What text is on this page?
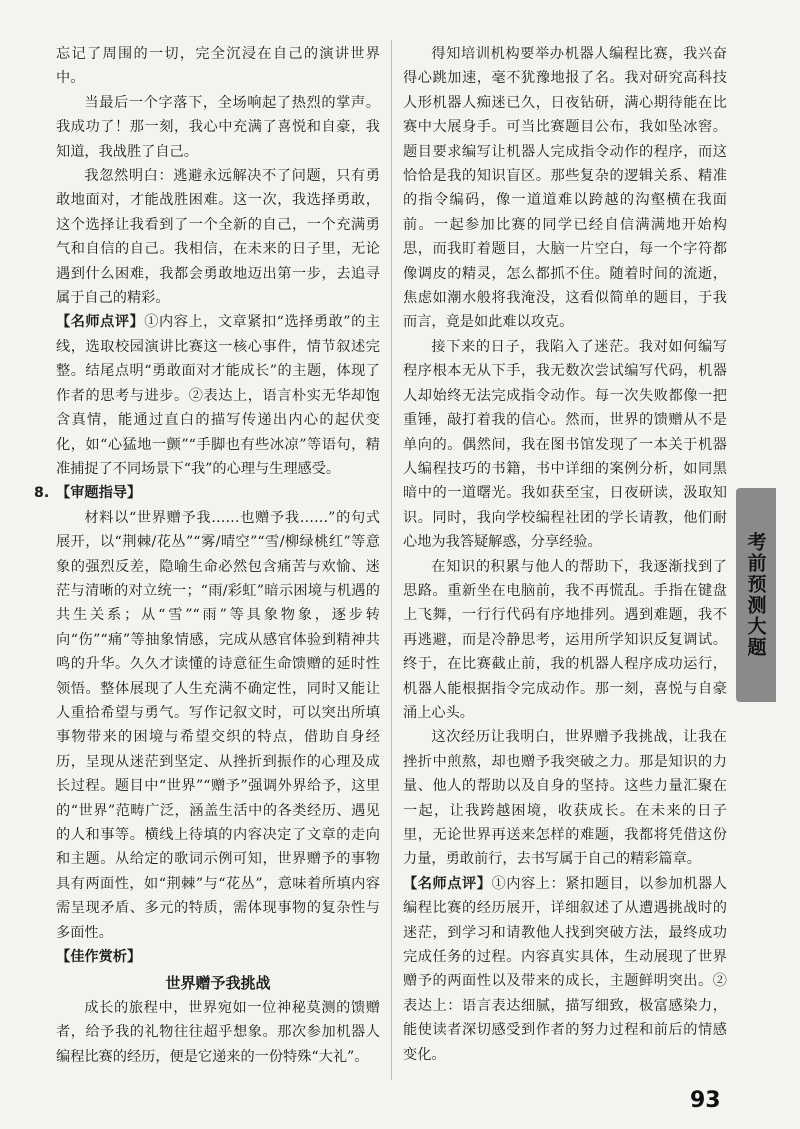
忘记了周围的一切，完全沉浸在自己的演讲世界中。

当最后一个字落下，全场响起了热烈的掌声。我成功了！那一刻，我心中充满了喜悦和自豪，我知道，我战胜了自己。

我忽然明白：逃避永远解决不了问题，只有勇敢地面对，才能战胜困难。这一次，我选择勇敢，这个选择让我看到了一个全新的自己，一个充满勇气和自信的自己。我相信，在未来的日子里，无论遇到什么困难，我都会勇敢地迈出第一步，去追寻属于自己的精彩。

【名师点评】①内容上，文章紧扣“选择勇敢”的主线，选取校园演讲比赛这一核心事件，情节叙述完整。结尾点明“勇敢面对才能成长”的主题，体现了作者的思考与进步。②表达上，语言朴实无华却饱含真情，能通过直白的描写传递出内心的起伏变化，如“心猛地一颤”“手脚也有些冰凉”等语句，精准捕捉了不同场景下“我”的心理与生理感受。

8. 【审题指导】

材料以“世界赠予我……也赠予我……”的句式展开，以“荆棘/花丛”“雾/晴空”“雪/柳绿桃红”等意象的强烈反差，隐喻生命必然包含痛苦与欢愉、迷茫与清晰的对立统一；“雨/彩虹”暗示困境与机遇的共生关系；从“雪”“雨”等具象物象，逐步转向“伤”“痛”等抽象情感，完成从感官体验到精神共鸣的升华。久久才读懂的诗意征生命馈赠的延时性领悟。整体展现了人生充满不确定性，同时又能让人重拾希望与勇气。写作记叙文时，可以突出所填事物带来的困境与希望交织的特点，借助自身经历，呈现从迷茫到坚定、从挫折到振作的心理及成长过程。题目中“世界”“赠予”强调外界给予，这里的“世界”范畴广泛，涵盖生活中的各类经历、遇见的人和事等。横线上待填的内容决定了文章的走向和主题。从给定的歌词示例可知，世界赠予的事物具有两面性，如“荆棘”与“花丛”，意味着所填内容需呈现矛盾、多元的特质，需体现事物的复杂性与多面性。

【佳作赏析】

世界赠予我挑战

成长的旅程中，世界宛如一位神秘莫测的馈赠者，给予我的礼物往往超乎想象。那次参加机器人编程比赛的经历，便是它递来的一份特殊“大礼”。

得知培训机构要举办机器人编程比赛，我兴奋得心跳加速，毫不犹豫地报了名。我对研究高科技人形机器人痴迷已久，日夜钻研，满心期待能在比赛中大展身手。可当比赛题目公布，我如坠冰窖。题目要求编写让机器人完成指令动作的程序，而这恰恰是我的知识盲区。那些复杂的逻辑关系、精准的指令编码，像一道道难以跨越的沟壑横在我面前。一起参加比赛的同学已经自信满满地开始构思，而我盯着题目，大脑一片空白，每一个字符都像调皮的精灵，怎么都抓不住。随着时间的流逝，焦虑如潮水般将我淹没，这看似简单的题目，于我而言，竟是如此难以攻克。

接下来的日子，我陷入了迷茫。我对如何编写程序根本无从下手，我无数次尝试编写代码，机器人却始终无法完成指令动作。每一次失败都像一把重锤，敲打着我的信心。然而，世界的馈赠从不是单向的。偶然间，我在图书馆发现了一本关于机器人编程技巧的书籍，书中详细的案例分析，如同黑暗中的一道曙光。我如获至宝，日夜研读，汲取知识。同时，我向学校编程社团的学长请教，他们耐心地为我答疑解惑，分享经验。

在知识的积累与他人的帮助下，我逐渐找到了思路。重新坐在电脑前，我不再慌乱。手指在键盘上飞舞，一行行代码有序地排列。遇到难题，我不再逃避，而是冷静思考，运用所学知识反复调试。终于，在比赛截止前，我的机器人程序成功运行，机器人能根据指令完成动作。那一刻，喜悦与自豪涌上心头。

这次经历让我明白，世界赠予我挑战，让我在挫折中煎熬，却也赠予我突破之力。那是知识的力量、他人的帮助以及自身的坚持。这些力量汇聚在一起，让我跨越困境，收获成长。在未来的日子里，无论世界再送来怎样的难题，我都将凭借这份力量，勇敢前行，去书写属于自己的精彩篇章。

【名师点评】①内容上：紧扣题目，以参加机器人编程比赛的经历展开，详细叙述了从遭遇挑战时的迷茫，到学习和请教他人找到突破方法，最终成功完成任务的过程。内容真实具体，生动展现了世界赠予的两面性以及带来的成长，主题鲜明突出。②表达上：语言表达细腻，描写细致，极富感染力，能使读者深切感受到作者的努力过程和前后的情感变化。

考前预测大题
93
